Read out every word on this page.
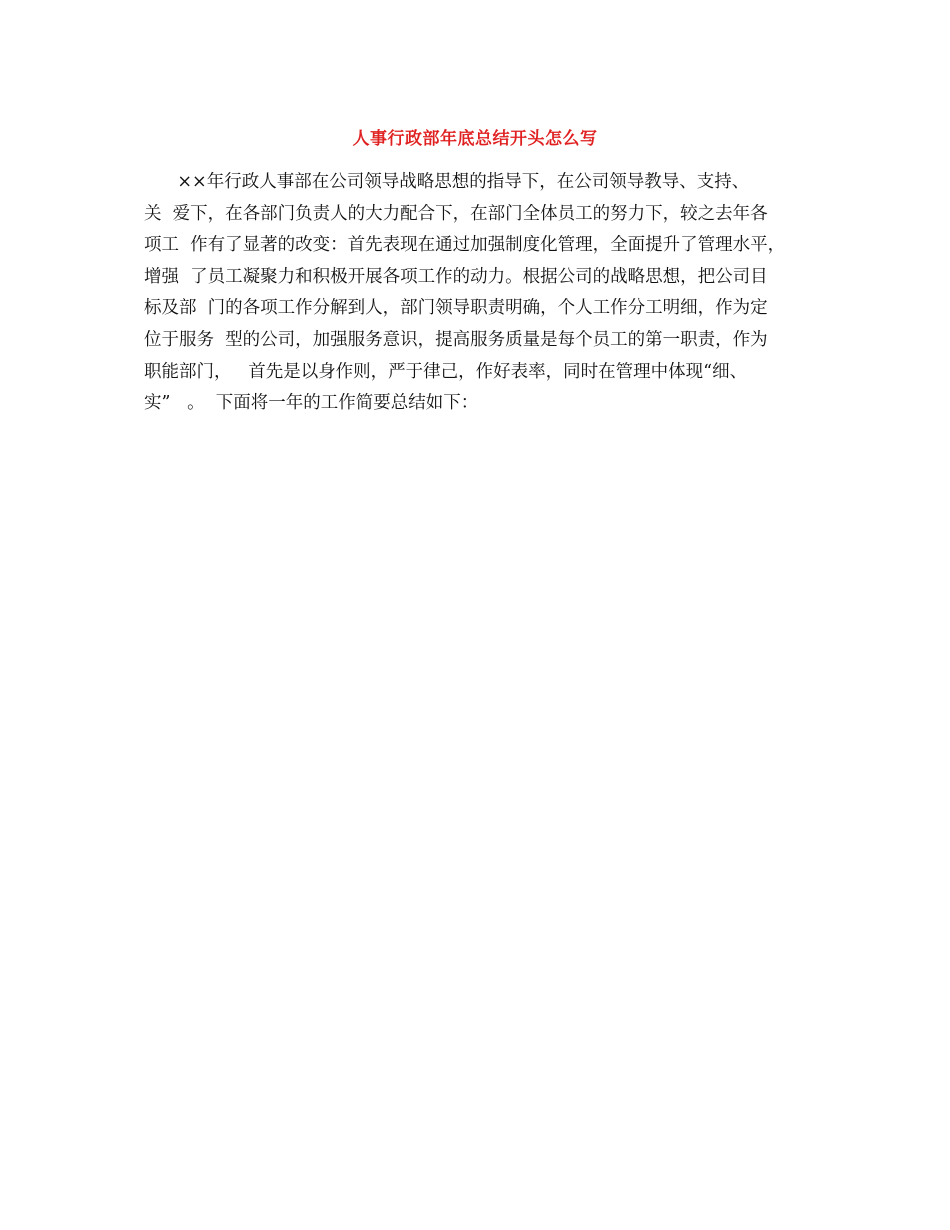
人事行政部年底总结开头怎么写
××年行政人事部在公司领导战略思想的指导下，在公司领导教导、支持、
关  爱下，在各部门负责人的大力配合下，在部门全体员工的努力下，较之去年各
项工  作有了显著的改变：首先表现在通过加强制度化管理，全面提升了管理水平，
增强  了员工凝聚力和积极开展各项工作的动力。根据公司的战略思想，把公司目
标及部  门的各项工作分解到人，部门领导职责明确，个人工作分工明细，作为定
位于服务  型的公司，加强服务意识，提高服务质量是每个员工的第一职责，作为
职能部门，   首先是以身作则，严于律己，作好表率，同时在管理中体现“细、
实”   。  下面将一年的工作简要总结如下：
